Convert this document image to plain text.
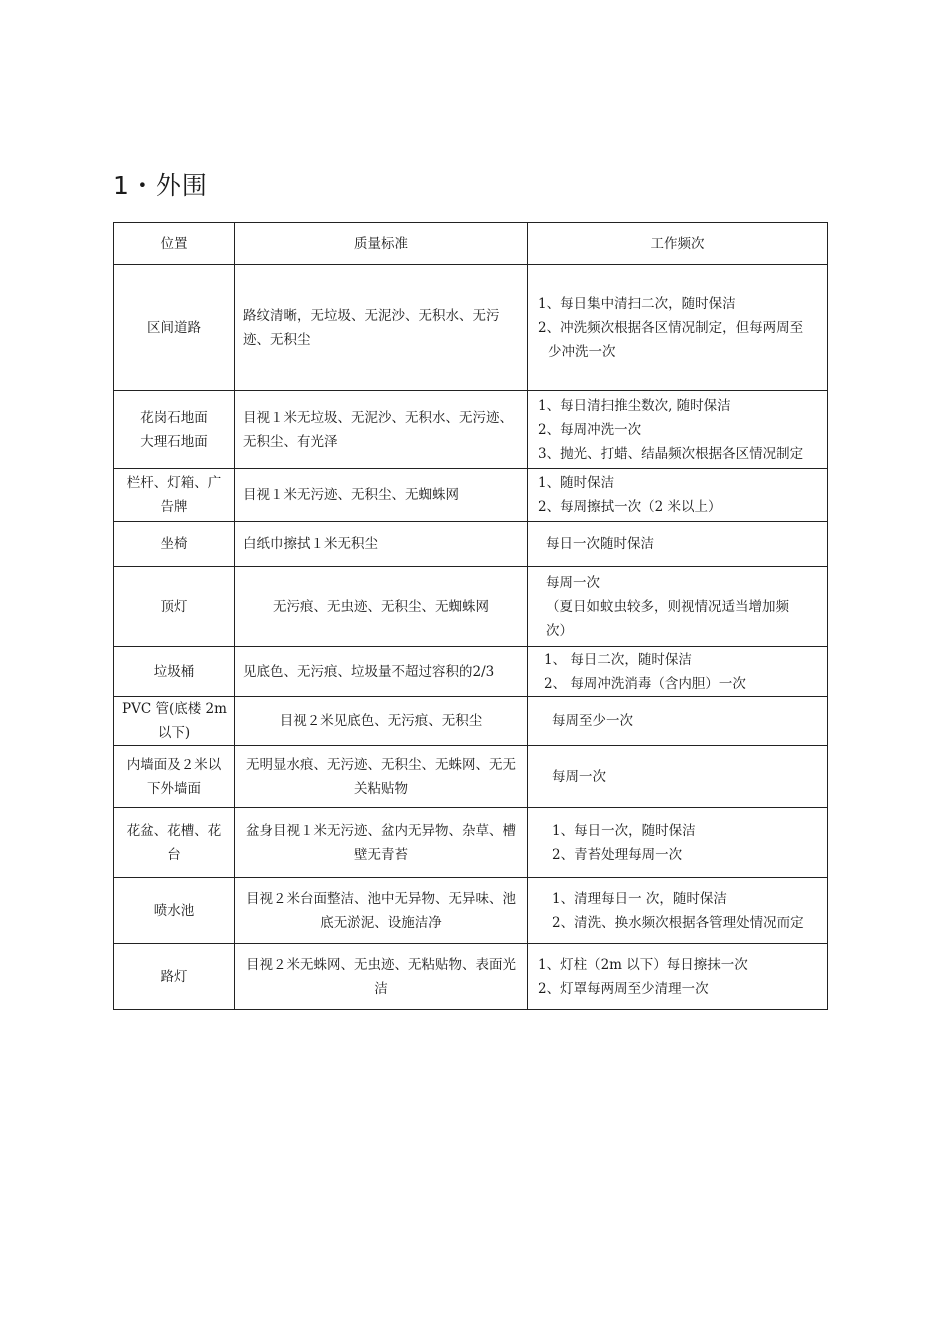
1・外围
位置	质量标准	工作频次

区间道路	路纹清晰，无垃圾、无泥沙、无积水、无污迹、无积尘	1、每日集中清扫二次，随时保洁
2、冲洗频次根据各区情况制定，但每两周至
少冲洗一次

花岗石地面
大理石地面	目视１米无垃圾、无泥沙、无积水、无污迹、无积尘、有光泽	1、每日清扫推尘数次, 随时保洁
2、每周冲洗一次
3、抛光、打蜡、结晶频次根据各区情况制定

栏杆、灯箱、广
告牌	目视１米无污迹、无积尘、无蜘蛛网	1、随时保洁
2、每周擦拭一次（2 米以上）

坐椅	白纸巾擦拭１米无积尘	每日一次随时保洁

顶灯	无污痕、无虫迹、无积尘、无蜘蛛网	每周一次
（夏日如蚊虫较多，则视情况适当增加频
次）

垃圾桶	见底色、无污痕、垃圾量不超过容积的2/3	1、 每日二次，随时保洁
2、 每周冲洗消毒（含内胆）一次

PVC 管(底楼 2m
以下)	目视２米见底色、无污痕、无积尘	每周至少一次

内墙面及２米以
下外墙面	无明显水痕、无污迹、无积尘、无蛛网、无无关粘贴物	每周一次

花盆、花槽、花
台	盆身目视１米无污迹、盆内无异物、杂草、槽壁无青苔	1、每日一次，随时保洁
2、青苔处理每周一次

喷水池	目视２米台面整洁、池中无异物、无异味、池底无淤泥、设施洁净	1、清理每日一 次，随时保洁
2、清洗、换水频次根据各管理处情况而定

路灯	目视２米无蛛网、无虫迹、无粘贴物、表面光洁	1、灯柱（2m 以下）每日擦抹一次
2、灯罩每两周至少清理一次
